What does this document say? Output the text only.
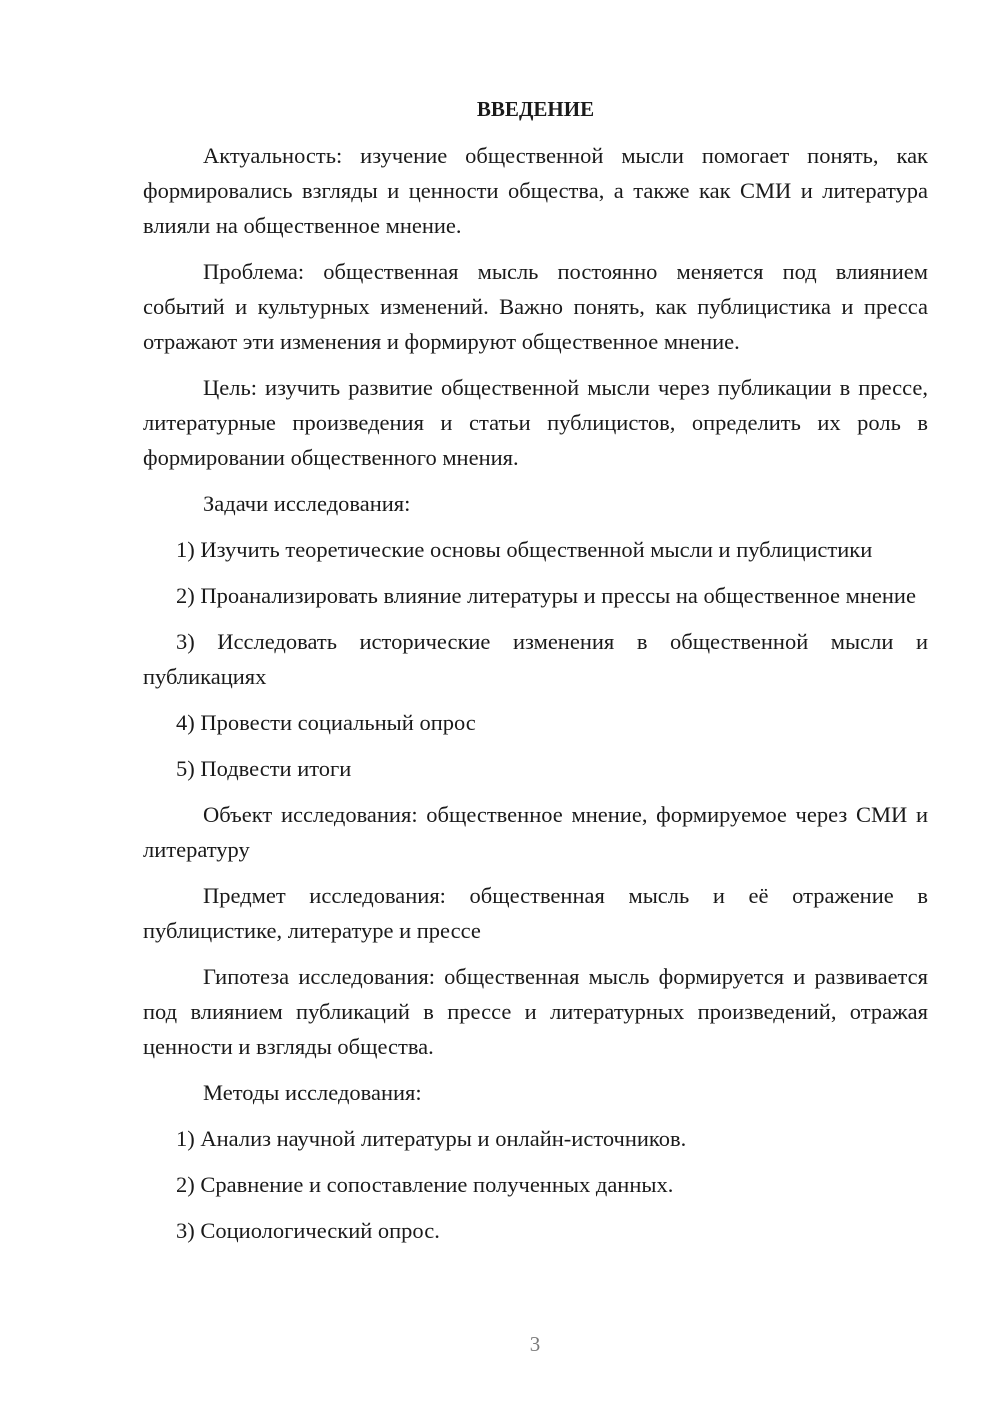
ВВЕДЕНИЕ

Актуальность: изучение общественной мысли помогает понять, как формировались взгляды и ценности общества, а также как СМИ и литература влияли на общественное мнение.

Проблема: общественная мысль постоянно меняется под влиянием событий и культурных изменений. Важно понять, как публицистика и пресса отражают эти изменения и формируют общественное мнение.

Цель: изучить развитие общественной мысли через публикации в прессе, литературные произведения и статьи публицистов, определить их роль в формировании общественного мнения.

Задачи исследования:

1) Изучить теоретические основы общественной мысли и публицистики

2) Проанализировать влияние литературы и прессы на общественное мнение

3) Исследовать исторические изменения в общественной мысли и публикациях

4) Провести социальный опрос

5) Подвести итоги

Объект исследования: общественное мнение, формируемое через СМИ и литературу

Предмет исследования: общественная мысль и её отражение в публицистике, литературе и прессе

Гипотеза исследования: общественная мысль формируется и развивается под влиянием публикаций в прессе и литературных произведений, отражая ценности и взгляды общества.

Методы исследования:

1) Анализ научной литературы и онлайн-источников.

2) Сравнение и сопоставление полученных данных.

3) Социологический опрос.

3
